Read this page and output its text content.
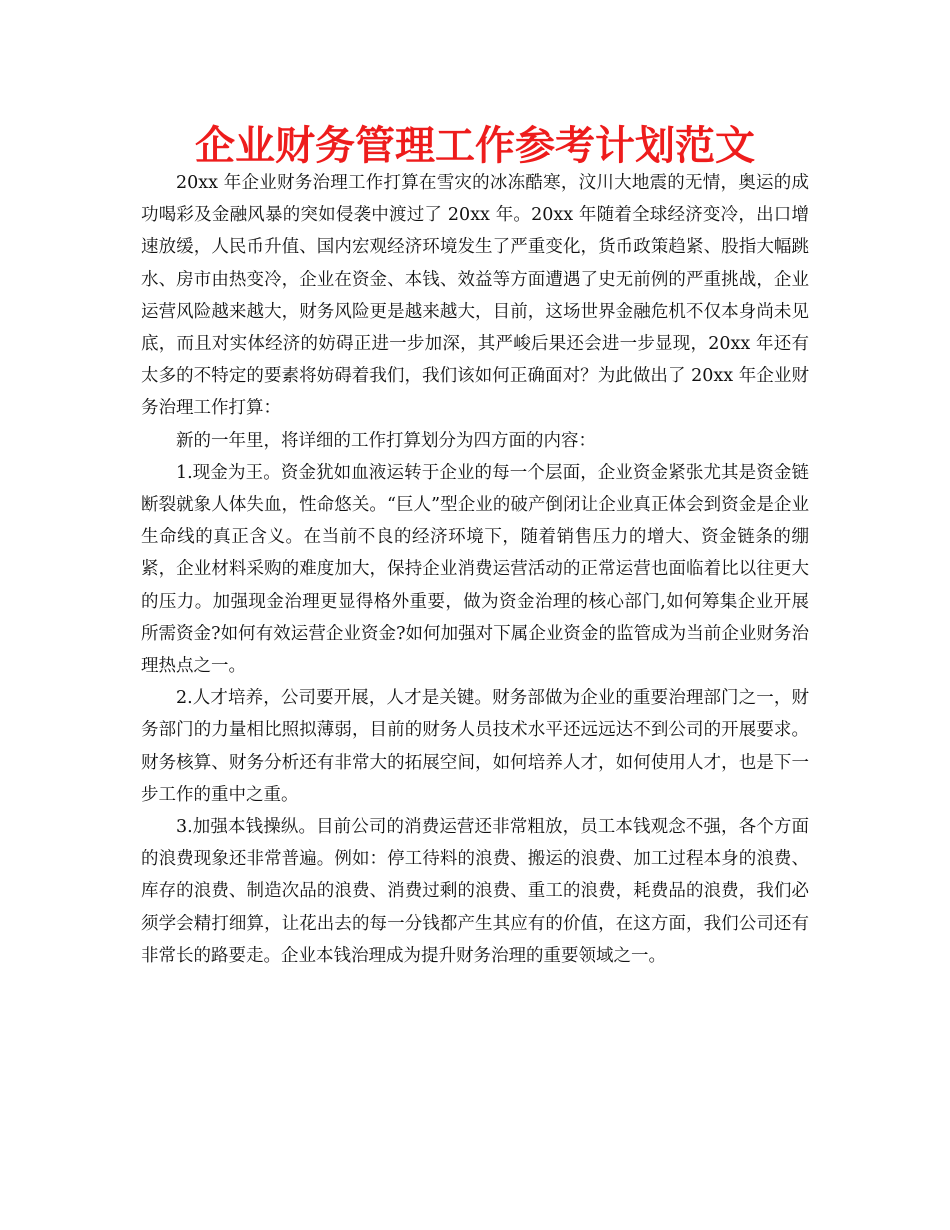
企业财务管理工作参考计划范文

20xx 年企业财务治理工作打算在雪灾的冰冻酷寒，汶川大地震的无情，奥运的成功喝彩及金融风暴的突如侵袭中渡过了 20xx 年。20xx 年随着全球经济变冷，出口增速放缓，人民币升值、国内宏观经济环境发生了严重变化，货币政策趋紧、股指大幅跳水、房市由热变冷，企业在资金、本钱、效益等方面遭遇了史无前例的严重挑战，企业运营风险越来越大，财务风险更是越来越大，目前，这场世界金融危机不仅本身尚未见底，而且对实体经济的妨碍正进一步加深，其严峻后果还会进一步显现，20xx 年还有太多的不特定的要素将妨碍着我们，我们该如何正确面对？为此做出了 20xx 年企业财务治理工作打算：

新的一年里，将详细的工作打算划分为四方面的内容：

1.现金为王。资金犹如血液运转于企业的每一个层面，企业资金紧张尤其是资金链断裂就象人体失血，性命悠关。“巨人”型企业的破产倒闭让企业真正体会到资金是企业生命线的真正含义。在当前不良的经济环境下，随着销售压力的增大、资金链条的绷紧，企业材料采购的难度加大，保持企业消费运营活动的正常运营也面临着比以往更大的压力。加强现金治理更显得格外重要，做为资金治理的核心部门,如何筹集企业开展所需资金?如何有效运营企业资金?如何加强对下属企业资金的监管成为当前企业财务治理热点之一。

2.人才培养，公司要开展，人才是关键。财务部做为企业的重要治理部门之一，财务部门的力量相比照拟薄弱，目前的财务人员技术水平还远远达不到公司的开展要求。财务核算、财务分析还有非常大的拓展空间，如何培养人才，如何使用人才，也是下一步工作的重中之重。

3.加强本钱操纵。目前公司的消费运营还非常粗放，员工本钱观念不强，各个方面的浪费现象还非常普遍。例如：停工待料的浪费、搬运的浪费、加工过程本身的浪费、库存的浪费、制造次品的浪费、消费过剩的浪费、重工的浪费，耗费品的浪费，我们必须学会精打细算，让花出去的每一分钱都产生其应有的价值，在这方面，我们公司还有非常长的路要走。企业本钱治理成为提升财务治理的重要领域之一。
